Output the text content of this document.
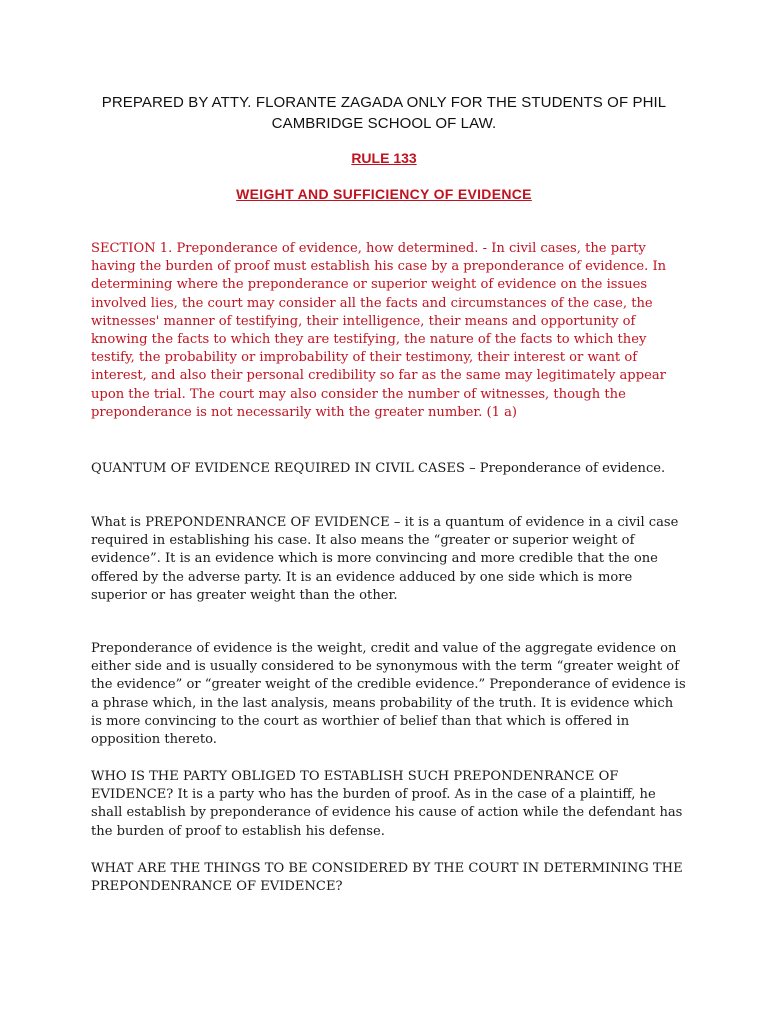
PREPARED BY ATTY. FLORANTE ZAGADA ONLY FOR THE STUDENTS OF PHIL
CAMBRIDGE SCHOOL OF LAW.
RULE 133
WEIGHT AND SUFFICIENCY OF EVIDENCE

SECTION 1. Preponderance of evidence, how determined. - In civil cases, the party having the burden of proof must establish his case by a preponderance of evidence. In determining where the preponderance or superior weight of evidence on the issues involved lies, the court may consider all the facts and circumstances of the case, the witnesses' manner of testifying, their intelligence, their means and opportunity of knowing the facts to which they are testifying, the nature of the facts to which they testify, the probability or improbability of their testimony, their interest or want of interest, and also their personal credibility so far as the same may legitimately appear upon the trial. The court may also consider the number of witnesses, though the preponderance is not necessarily with the greater number. (1 a)

QUANTUM OF EVIDENCE REQUIRED IN CIVIL CASES – Preponderance of evidence.

What is PREPONDENRANCE OF EVIDENCE – it is a quantum of evidence in a civil case required in establishing his case. It also means the “greater or superior weight of evidence”. It is an evidence which is more convincing and more credible that the one offered by the adverse party. It is an evidence adduced by one side which is more superior or has greater weight than the other.

Preponderance of evidence is the weight, credit and value of the aggregate evidence on either side and is usually considered to be synonymous with the term “greater weight of the evidence” or “greater weight of the credible evidence.” Preponderance of evidence is a phrase which, in the last analysis, means probability of the truth. It is evidence which is more convincing to the court as worthier of belief than that which is offered in opposition thereto.

WHO IS THE PARTY OBLIGED TO ESTABLISH SUCH PREPONDENRANCE OF EVIDENCE? It is a party who has the burden of proof. As in the case of a plaintiff, he shall establish by preponderance of evidence his cause of action while the defendant has the burden of proof to establish his defense.

WHAT ARE THE THINGS TO BE CONSIDERED BY THE COURT IN DETERMINING THE PREPONDENRANCE OF EVIDENCE?
